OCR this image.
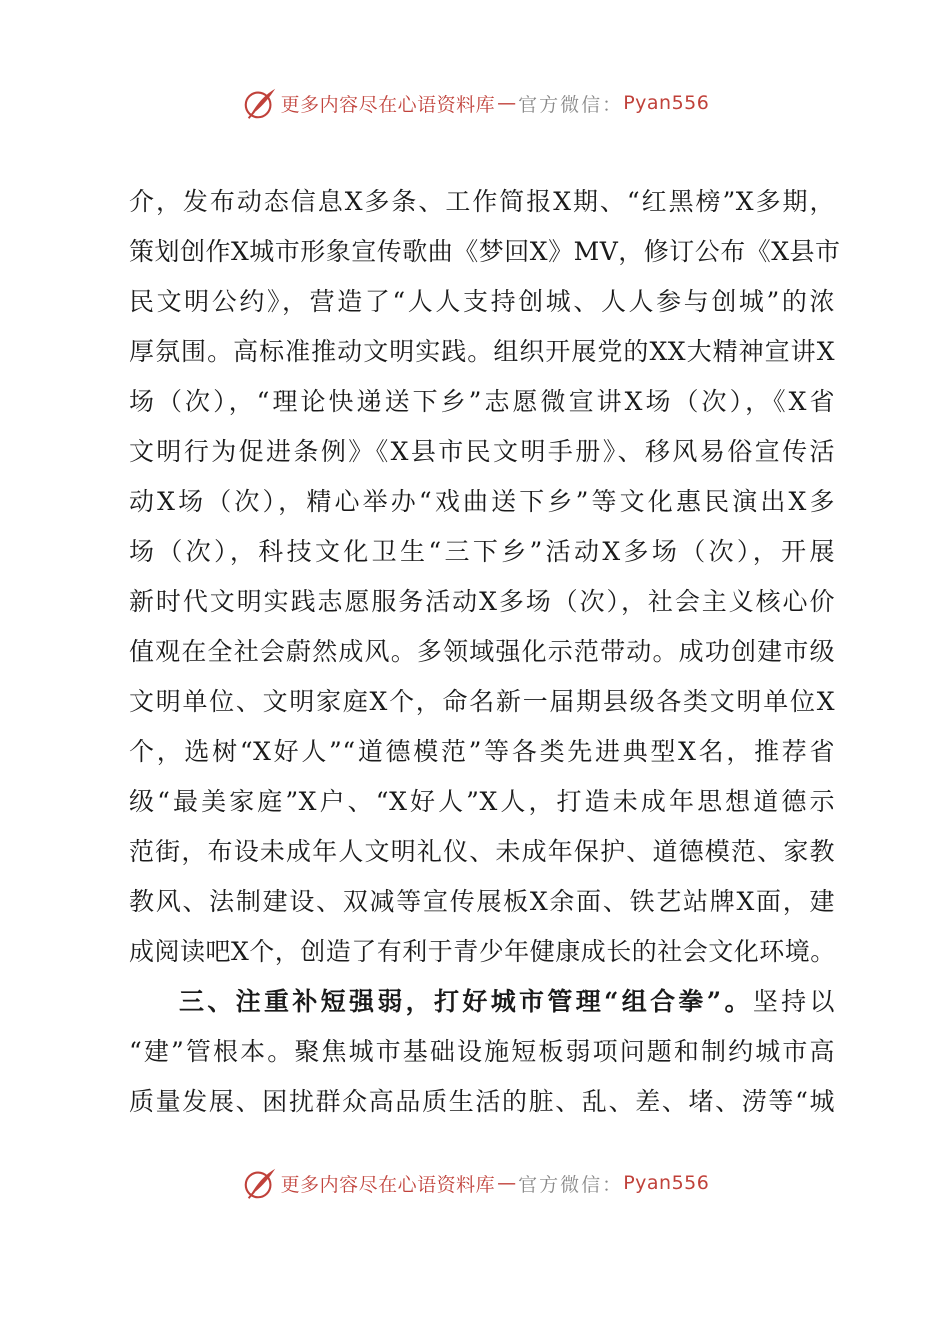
更多内容尽在心语资料库 — 官方微信： Pyan556
介，发布动态信息X多条、工作简报X期、“红黑榜”X多期，
策划创作X城市形象宣传歌曲《梦回X》MV，修订公布《X县市
民文明公约》，营造了“人人支持创城、人人参与创城”的浓
厚氛围。高标准推动文明实践。组织开展党的XX大精神宣讲X
场（次），“理论快递送下乡”志愿微宣讲X场（次），《X省
文明行为促进条例》《X县市民文明手册》、移风易俗宣传活
动X场（次），精心举办“戏曲送下乡”等文化惠民演出X多
场（次），科技文化卫生“三下乡”活动X多场（次），开展
新时代文明实践志愿服务活动X多场（次），社会主义核心价
值观在全社会蔚然成风。多领域强化示范带动。成功创建市级
文明单位、文明家庭X个，命名新一届期县级各类文明单位X
个，选树“X好人”“道德模范”等各类先进典型X名，推荐省
级“最美家庭”X户、“X好人”X人，打造未成年思想道德示
范街，布设未成年人文明礼仪、未成年保护、道德模范、家教
教风、法制建设、双减等宣传展板X余面、铁艺站牌X面，建
成阅读吧X个，创造了有利于青少年健康成长的社会文化环境。
三、注重补短强弱，打好城市管理“组合拳”。坚持以
“建”管根本。聚焦城市基础设施短板弱项问题和制约城市高
质量发展、困扰群众高品质生活的脏、乱、差、堵、涝等“城
更多内容尽在心语资料库 — 官方微信： Pyan556
